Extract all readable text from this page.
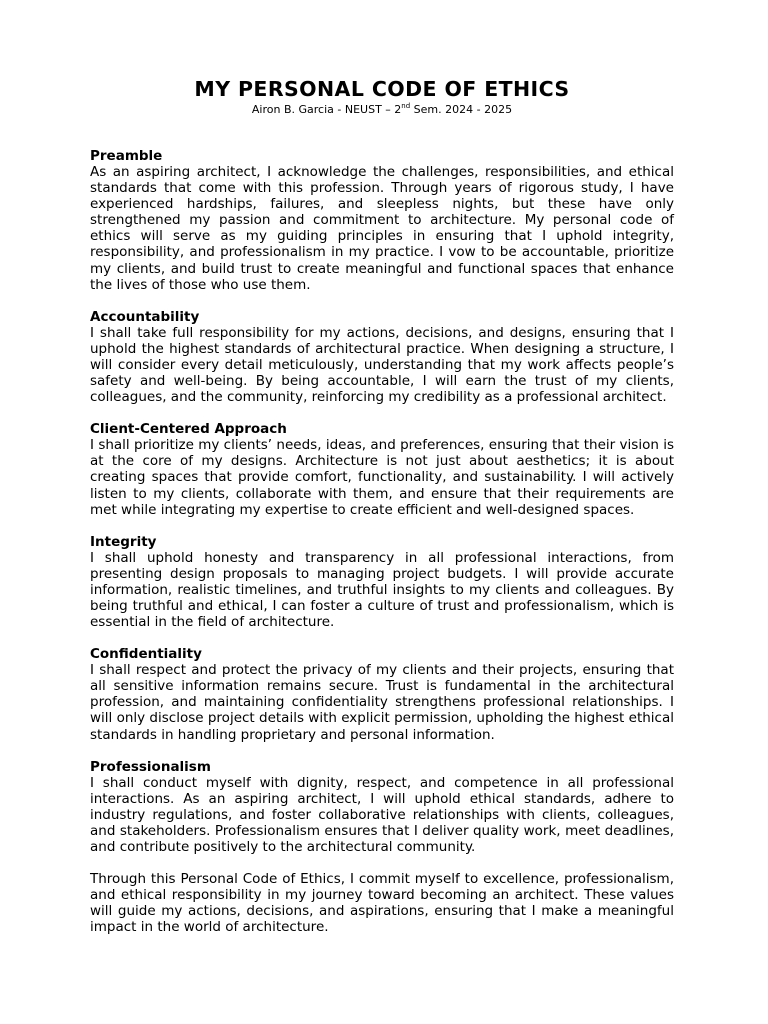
MY PERSONAL CODE OF ETHICS

Airon B. Garcia - NEUST – 2nd Sem. 2024 - 2025

Preamble

As an aspiring architect, I acknowledge the challenges, responsibilities, and ethical standards that come with this profession. Through years of rigorous study, I have experienced hardships, failures, and sleepless nights, but these have only strengthened my passion and commitment to architecture. My personal code of ethics will serve as my guiding principles in ensuring that I uphold integrity, responsibility, and professionalism in my practice. I vow to be accountable, prioritize my clients, and build trust to create meaningful and functional spaces that enhance the lives of those who use them.

Accountability

I shall take full responsibility for my actions, decisions, and designs, ensuring that I uphold the highest standards of architectural practice. When designing a structure, I will consider every detail meticulously, understanding that my work affects people’s safety and well-being. By being accountable, I will earn the trust of my clients, colleagues, and the community, reinforcing my credibility as a professional architect.

Client-Centered Approach

I shall prioritize my clients’ needs, ideas, and preferences, ensuring that their vision is at the core of my designs. Architecture is not just about aesthetics; it is about creating spaces that provide comfort, functionality, and sustainability. I will actively listen to my clients, collaborate with them, and ensure that their requirements are met while integrating my expertise to create efficient and well-designed spaces.

Integrity

I shall uphold honesty and transparency in all professional interactions, from presenting design proposals to managing project budgets. I will provide accurate information, realistic timelines, and truthful insights to my clients and colleagues. By being truthful and ethical, I can foster a culture of trust and professionalism, which is essential in the field of architecture.

Confidentiality

I shall respect and protect the privacy of my clients and their projects, ensuring that all sensitive information remains secure. Trust is fundamental in the architectural profession, and maintaining confidentiality strengthens professional relationships. I will only disclose project details with explicit permission, upholding the highest ethical standards in handling proprietary and personal information.

Professionalism

I shall conduct myself with dignity, respect, and competence in all professional interactions. As an aspiring architect, I will uphold ethical standards, adhere to industry regulations, and foster collaborative relationships with clients, colleagues, and stakeholders. Professionalism ensures that I deliver quality work, meet deadlines, and contribute positively to the architectural community.

Through this Personal Code of Ethics, I commit myself to excellence, professionalism, and ethical responsibility in my journey toward becoming an architect. These values will guide my actions, decisions, and aspirations, ensuring that I make a meaningful impact in the world of architecture.
